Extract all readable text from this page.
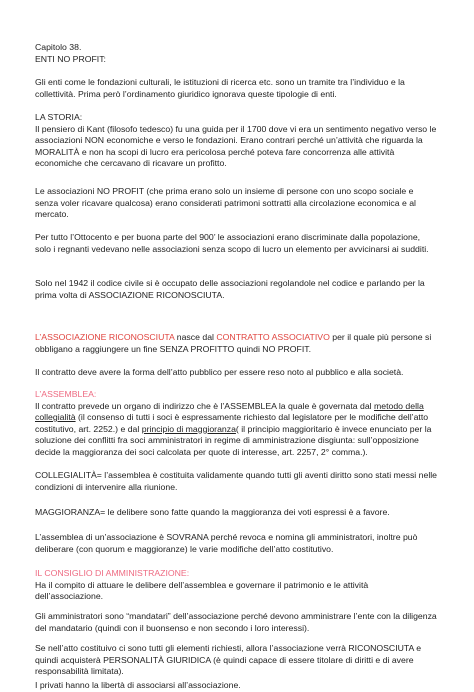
Capitolo 38.
ENTI NO PROFIT:

Gli enti come le fondazioni culturali, le istituzioni di ricerca etc. sono un tramite tra l’individuo e la collettività. Prima però l’ordinamento giuridico ignorava queste tipologie di enti.

LA STORIA:
Il pensiero di Kant (filosofo tedesco) fu una guida per il 1700 dove vi era un sentimento negativo verso le associazioni NON economiche e verso le fondazioni. Erano contrari perché un’attività che riguarda la MORALITÀ e non ha scopi di lucro era pericolosa perché poteva fare concorrenza alle attività economiche che cercavano di ricavare un profitto.

Le associazioni NO PROFIT (che prima erano solo un insieme di persone con uno scopo sociale e senza voler ricavare qualcosa) erano considerati patrimoni sottratti alla circolazione economica e al mercato.

Per tutto l’Ottocento e per buona parte del 900’ le associazioni erano discriminate dalla popolazione, solo i regnanti vedevano nelle associazioni senza scopo di lucro un elemento per avvicinarsi ai sudditi.

Solo nel 1942 il codice civile si è occupato delle associazioni regolandole nel codice e parlando per la prima volta di ASSOCIAZIONE RICONOSCIUTA.

L’ASSOCIAZIONE RICONOSCIUTA nasce dal CONTRATTO ASSOCIATIVO per il quale più persone si obbligano a raggiungere un fine SENZA PROFITTO quindi NO PROFIT.

Il contratto deve avere la forma dell’atto pubblico per essere reso noto al pubblico e alla società.

L’ASSEMBLEA:
Il contratto prevede un organo di indirizzo che è l’ASSEMBLEA la quale è governata dal metodo della collegialità (il consenso di tutti i soci è espressamente richiesto dal legislatore per le modifiche dell’atto costitutivo, art. 2252.) e dal principio di maggioranza( il principio maggioritario è invece enunciato per la soluzione dei conflitti fra soci amministratori in regime di amministrazione disgiunta: sull’opposizione decide la maggioranza dei soci calcolata per quote di interesse, art. 2257, 2° comma.).

COLLEGIALITÀ= l’assemblea è costituita validamente quando tutti gli aventi diritto sono stati messi nelle condizioni di intervenire alla riunione.

MAGGIORANZA= le delibere sono fatte quando la maggioranza dei voti espressi è a favore.

L’assemblea di un’associazione è SOVRANA perché revoca e nomina gli amministratori, inoltre può deliberare (con quorum e maggioranze) le varie modifiche dell’atto costitutivo.

IL CONSIGLIO DI AMMINISTRAZIONE:
Ha il compito di attuare le delibere dell’assemblea e governare il patrimonio e le attività dell’associazione.

Gli amministratori sono “mandatari” dell’associazione perché devono amministrare l’ente con la diligenza del mandatario (quindi con il buonsenso e non secondo i loro interessi).

Se nell’atto costituivo ci sono tutti gli elementi richiesti, allora l’associazione verrà RICONOSCIUTA e quindi acquisterà PERSONALITÀ GIURIDICA (è quindi capace di essere titolare di diritti e di avere responsabilità limitata).

I privati hanno la libertà di associarsi all’associazione.
